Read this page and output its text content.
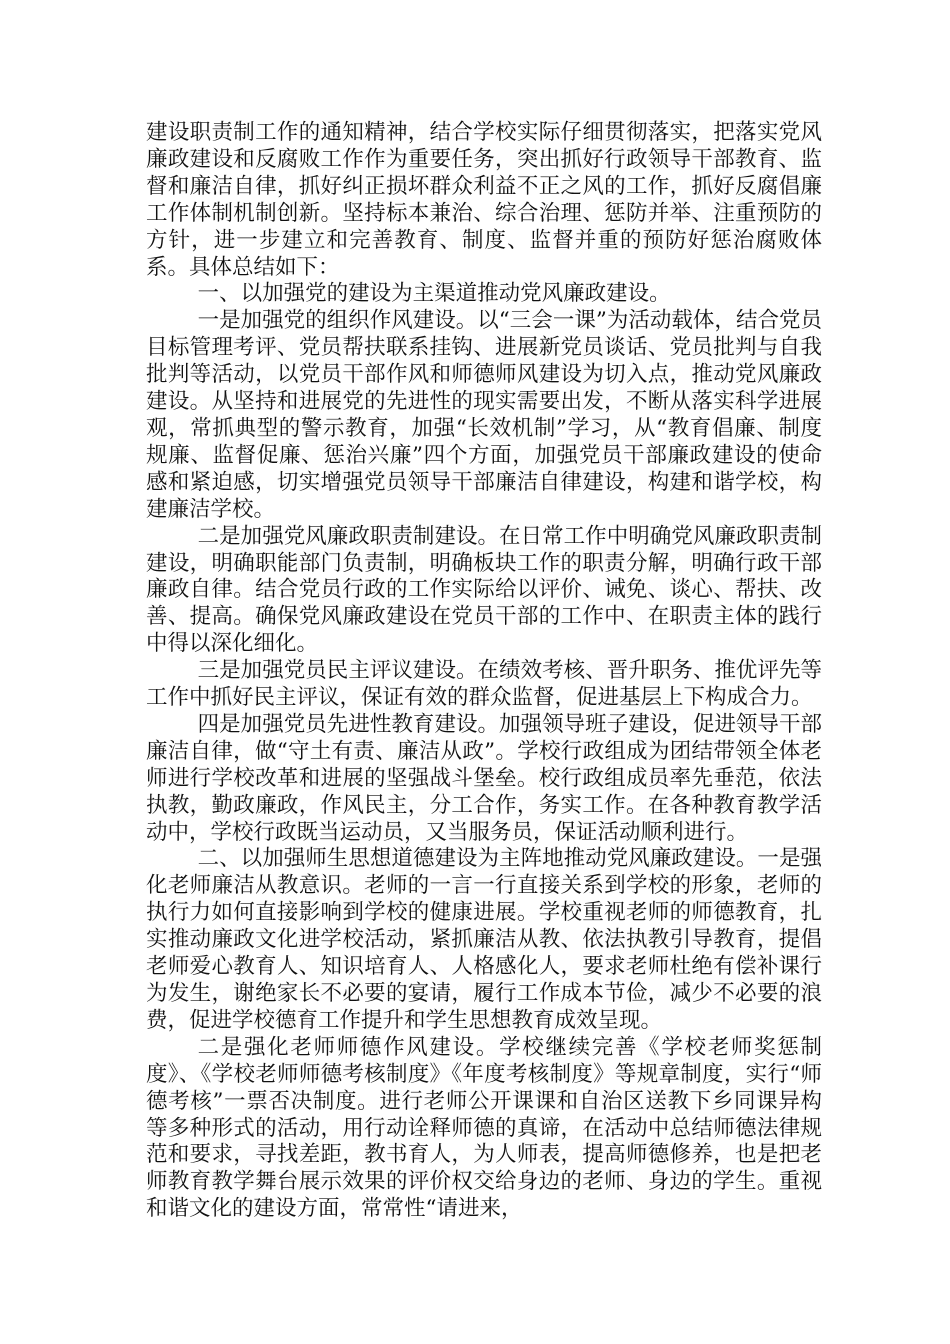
建设职责制工作的通知精神，结合学校实际仔细贯彻落实，把落实党风廉政建设和反腐败工作作为重要任务，突出抓好行政领导干部教育、监督和廉洁自律，抓好纠正损坏群众利益不正之风的工作，抓好反腐倡廉工作体制机制创新。坚持标本兼治、综合治理、惩防并举、注重预防的方针，进一步建立和完善教育、制度、监督并重的预防好惩治腐败体系。具体总结如下：

一、以加强党的建设为主渠道推动党风廉政建设。

一是加强党的组织作风建设。以“三会一课”为活动载体，结合党员目标管理考评、党员帮扶联系挂钩、进展新党员谈话、党员批判与自我批判等活动，以党员干部作风和师德师风建设为切入点，推动党风廉政建设。从坚持和进展党的先进性的现实需要出发，不断从落实科学进展观，常抓典型的警示教育，加强“长效机制”学习，从“教育倡廉、制度规廉、监督促廉、惩治兴廉”四个方面，加强党员干部廉政建设的使命感和紧迫感，切实增强党员领导干部廉洁自律建设，构建和谐学校，构建廉洁学校。

二是加强党风廉政职责制建设。在日常工作中明确党风廉政职责制建设，明确职能部门负责制，明确板块工作的职责分解，明确行政干部廉政自律。结合党员行政的工作实际给以评价、诫免、谈心、帮扶、改善、提高。确保党风廉政建设在党员干部的工作中、在职责主体的践行中得以深化细化。

三是加强党员民主评议建设。在绩效考核、晋升职务、推优评先等工作中抓好民主评议，保证有效的群众监督，促进基层上下构成合力。

四是加强党员先进性教育建设。加强领导班子建设，促进领导干部廉洁自律，做“守土有责、廉洁从政”。学校行政组成为团结带领全体老师进行学校改革和进展的坚强战斗堡垒。校行政组成员率先垂范，依法执教，勤政廉政，作风民主，分工合作，务实工作。在各种教育教学活动中，学校行政既当运动员，又当服务员，保证活动顺利进行。

二、以加强师生思想道德建设为主阵地推动党风廉政建设。一是强化老师廉洁从教意识。老师的一言一行直接关系到学校的形象，老师的执行力如何直接影响到学校的健康进展。学校重视老师的师德教育，扎实推动廉政文化进学校活动，紧抓廉洁从教、依法执教引导教育，提倡老师爱心教育人、知识培育人、人格感化人，要求老师杜绝有偿补课行为发生，谢绝家长不必要的宴请，履行工作成本节俭，减少不必要的浪费，促进学校德育工作提升和学生思想教育成效呈现。

二是强化老师师德作风建设。学校继续完善《学校老师奖惩制度》、《学校老师师德考核制度》《年度考核制度》等规章制度，实行“师德考核”一票否决制度。进行老师公开课课和自治区送教下乡同课异构等多种形式的活动，用行动诠释师德的真谛，在活动中总结师德法律规范和要求，寻找差距，教书育人，为人师表，提高师德修养，也是把老师教育教学舞台展示效果的评价权交给身边的老师、身边的学生。重视和谐文化的建设方面，常常性“请进来，
